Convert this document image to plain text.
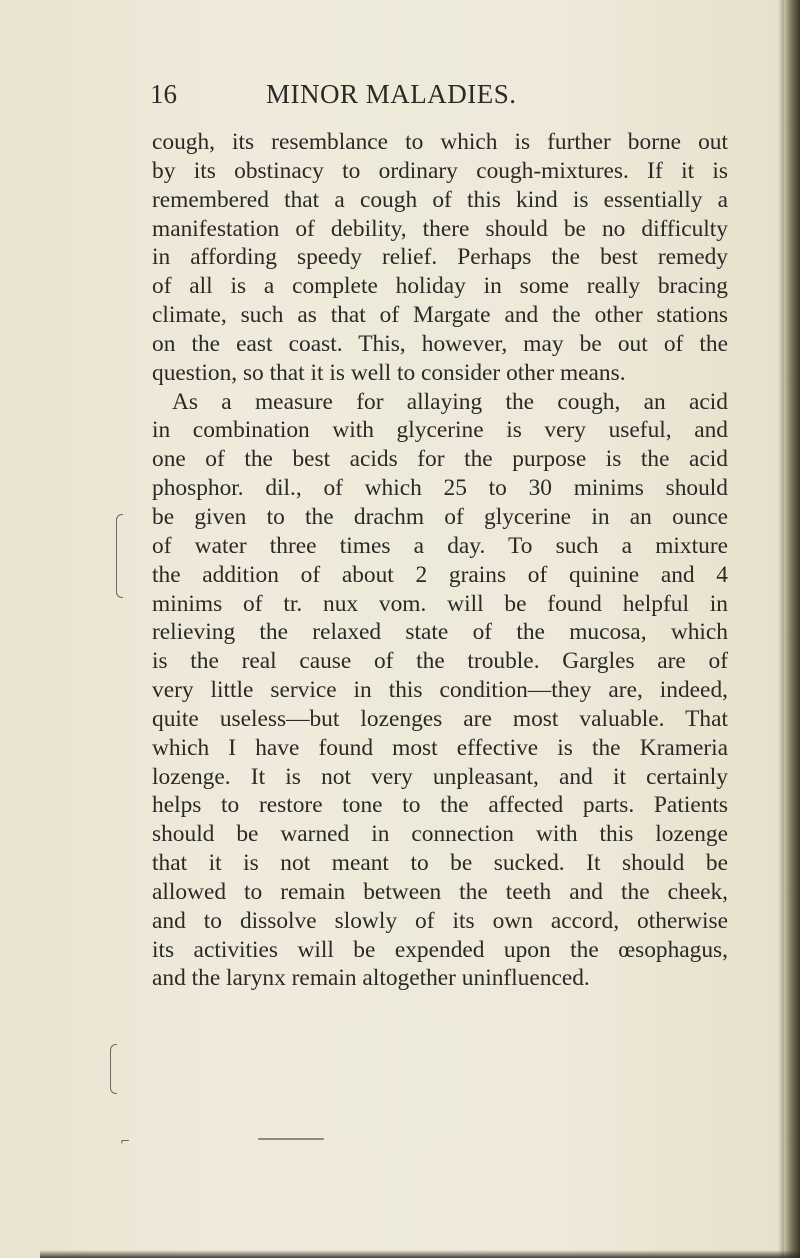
16	MINOR MALADIES.
⌐
cough, its resemblance to which is further borne out
by its obstinacy to ordinary cough-mixtures. If it is
remembered that a cough of this kind is essentially a
manifestation of debility, there should be no difficulty
in affording speedy relief. Perhaps the best remedy
of all is a complete holiday in some really bracing
climate, such as that of Margate and the other stations
on the east coast. This, however, may be out of the
question, so that it is well to consider other means.
As a measure for allaying the cough, an acid
in combination with glycerine is very useful, and
one of the best acids for the purpose is the acid
phosphor. dil., of which 25 to 30 minims should
be given to the drachm of glycerine in an ounce
of water three times a day. To such a mixture
the addition of about 2 grains of quinine and 4
minims of tr. nux vom. will be found helpful in
relieving the relaxed state of the mucosa, which
is the real cause of the trouble. Gargles are of
very little service in this condition—they are, indeed,
quite useless—but lozenges are most valuable. That
which I have found most effective is the Krameria
lozenge. It is not very unpleasant, and it certainly
helps to restore tone to the affected parts. Patients
should be warned in connection with this lozenge
that it is not meant to be sucked. It should be
allowed to remain between the teeth and the cheek,
and to dissolve slowly of its own accord, otherwise
its activities will be expended upon the œsophagus,
and the larynx remain altogether uninfluenced.
